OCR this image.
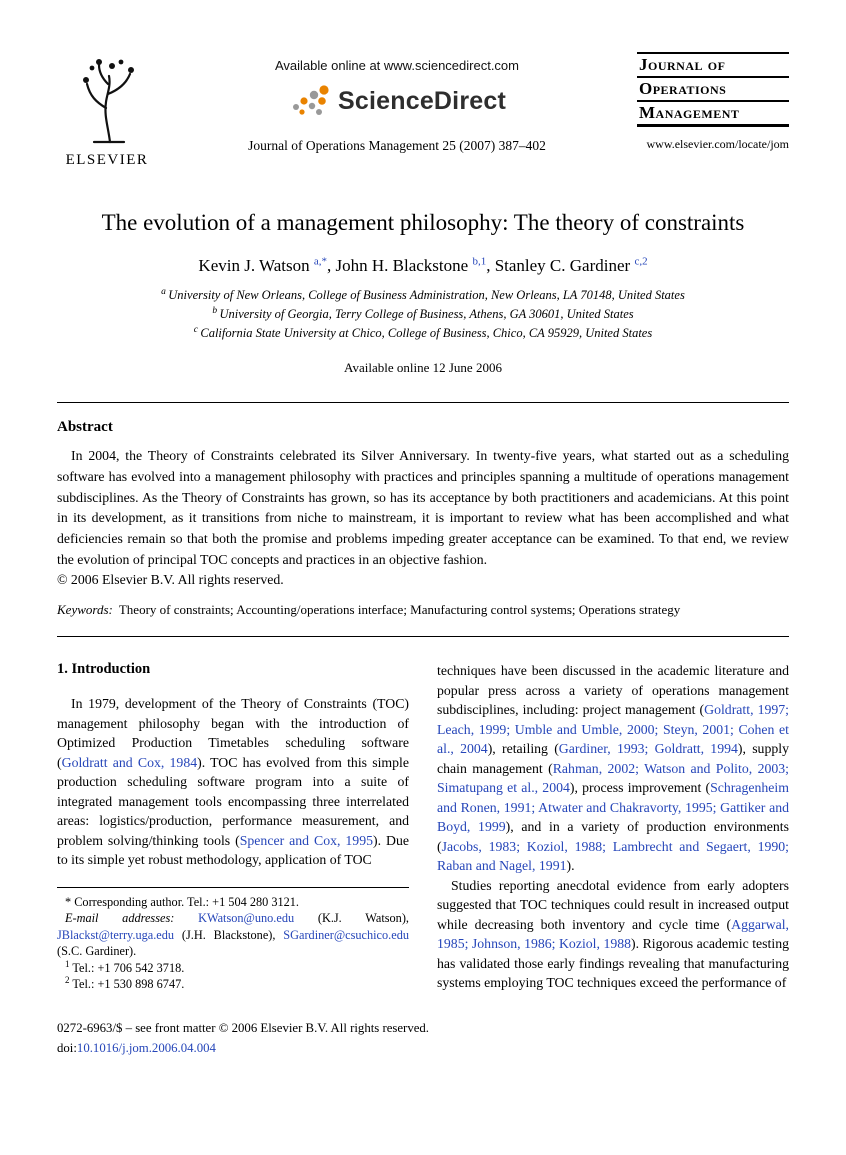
ELSEVIER
Available online at www.sciencedirect.com
ScienceDirect
Journal of Operations Management 25 (2007) 387–402
Journal of
Operations
Management
www.elsevier.com/locate/jom
The evolution of a management philosophy: The theory of constraints
Kevin J. Watson $^{a,*}$, John H. Blackstone $^{b,1}$, Stanley C. Gardiner $^{c,2}$
$^a$ University of New Orleans, College of Business Administration, New Orleans, LA 70148, United States
$^b$ University of Georgia, Terry College of Business, Athens, GA 30601, United States
$^c$ California State University at Chico, College of Business, Chico, CA 95929, United States
Available online 12 June 2006
Abstract

In 2004, the Theory of Constraints celebrated its Silver Anniversary. In twenty-five years, what started out as a scheduling software has evolved into a management philosophy with practices and principles spanning a multitude of operations management subdisciplines. As the Theory of Constraints has grown, so has its acceptance by both practitioners and academicians. At this point in its development, as it transitions from niche to mainstream, it is important to review what has been accomplished and what deficiencies remain so that both the promise and problems impeding greater acceptance can be examined. To that end, we review the evolution of principal TOC concepts and practices in an objective fashion.

© 2006 Elsevier B.V. All rights reserved.

Keywords: Theory of constraints; Accounting/operations interface; Manufacturing control systems; Operations strategy

1. Introduction

In 1979, development of the Theory of Constraints (TOC) management philosophy began with the introduction of Optimized Production Timetables scheduling software (Goldratt and Cox, 1984). TOC has evolved from this simple production scheduling software program into a suite of integrated management tools encompassing three interrelated areas: logistics/production, performance measurement, and problem solving/thinking tools (Spencer and Cox, 1995). Due to its simple yet robust methodology, application of TOC

* Corresponding author. Tel.: +1 504 280 3121.

E-mail addresses: KWatson@uno.edu (K.J. Watson), JBlackst@terry.uga.edu (J.H. Blackstone), SGardiner@csuchico.edu (S.C. Gardiner).

$^1$ Tel.: +1 706 542 3718.

$^2$ Tel.: +1 530 898 6747.

techniques have been discussed in the academic literature and popular press across a variety of operations management subdisciplines, including: project management (Goldratt, 1997; Leach, 1999; Umble and Umble, 2000; Steyn, 2001; Cohen et al., 2004), retailing (Gardiner, 1993; Goldratt, 1994), supply chain management (Rahman, 2002; Watson and Polito, 2003; Simatupang et al., 2004), process improvement (Schragenheim and Ronen, 1991; Atwater and Chakravorty, 1995; Gattiker and Boyd, 1999), and in a variety of production environments (Jacobs, 1983; Koziol, 1988; Lambrecht and Segaert, 1990; Raban and Nagel, 1991).

Studies reporting anecdotal evidence from early adopters suggested that TOC techniques could result in increased output while decreasing both inventory and cycle time (Aggarwal, 1985; Johnson, 1986; Koziol, 1988). Rigorous academic testing has validated those early findings revealing that manufacturing systems employing TOC techniques exceed the performance of

0272-6963/$ – see front matter © 2006 Elsevier B.V. All rights reserved.

doi:10.1016/j.jom.2006.04.004
